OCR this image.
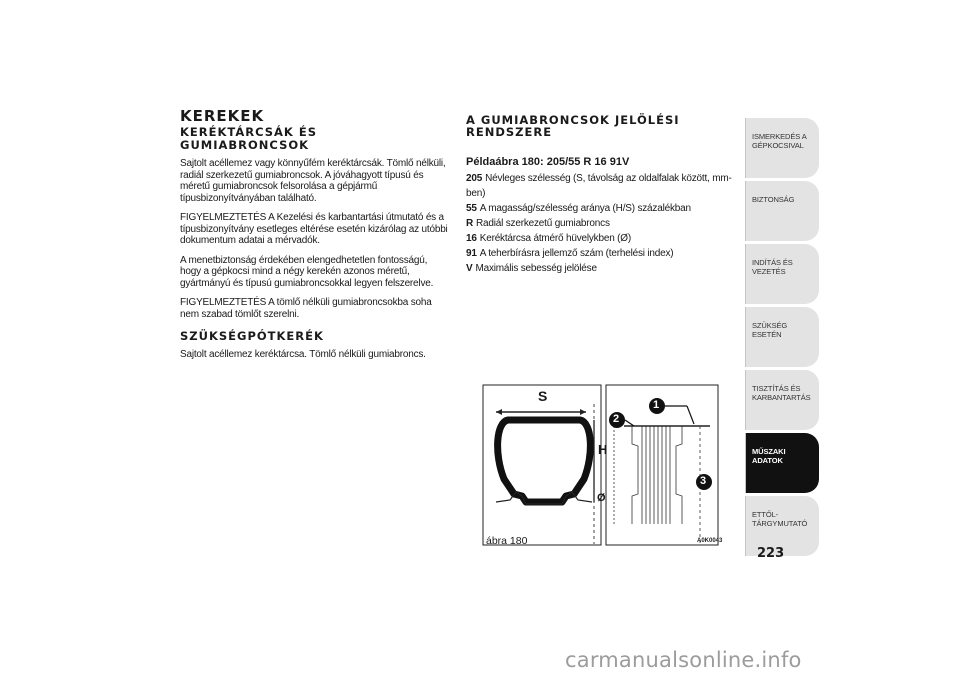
KEREKEK
KERÉKTÁRCSÁK ÉS GUMIABRONCSOK

Sajtolt acéllemez vagy könnyűfém keréktárcsák. Tömlő nélküli, radiál szerkezetű gumiabroncsok. A jóváhagyott típusú és méretű gumiabroncsok felsorolása a gépjármű típusbizonyítványában található.

FIGYELMEZTETÉS A Kezelési és karbantartási útmutató és a típusbizonyítvány esetleges eltérése esetén kizárólag az utóbbi dokumentum adatai a mérvadók.

A menetbiztonság érdekében elengedhetetlen fontosságú, hogy a gépkocsi mind a négy kerekén azonos méretű, gyártmányú és típusú gumiabroncsokkal legyen felszerelve.

FIGYELMEZTETÉS A tömlő nélküli gumiabroncsokba soha nem szabad tömlőt szerelni.

SZÜKSÉGPÓTKERÉK

Sajtolt acéllemez keréktárcsa. Tömlő nélküli gumiabroncs.

A GUMIABRONCSOK JELÖLÉSI RENDSZERE
Példaábra 180: 205/55 R 16 91V
205 Névleges szélesség (S, távolság az oldalfalak között, mm-ben)
55 A magasság/szélesség aránya (H/S) százalékban
R Radiál szerkezetű gumiabroncs
16 Keréktárcsa átmérő hüvelykben (Ø)
91 A teherbírásra jellemző szám (terhelési index)
V Maximális sebesség jelölése
S
H
Ø
1
2
3
ábra 180	A0K0043
ISMERKEDÉS A
GÉPKOCSIVAL
BIZTONSÁG
INDÍTÁS ÉS VEZETÉS
SZÜKSÉG ESETÉN
TISZTÍTÁS ÉS
KARBANTARTÁS
MŰSZAKI
ADATOK
ETTŐL-
TÁRGYMUTATÓ
223
carmanualsonline.info
